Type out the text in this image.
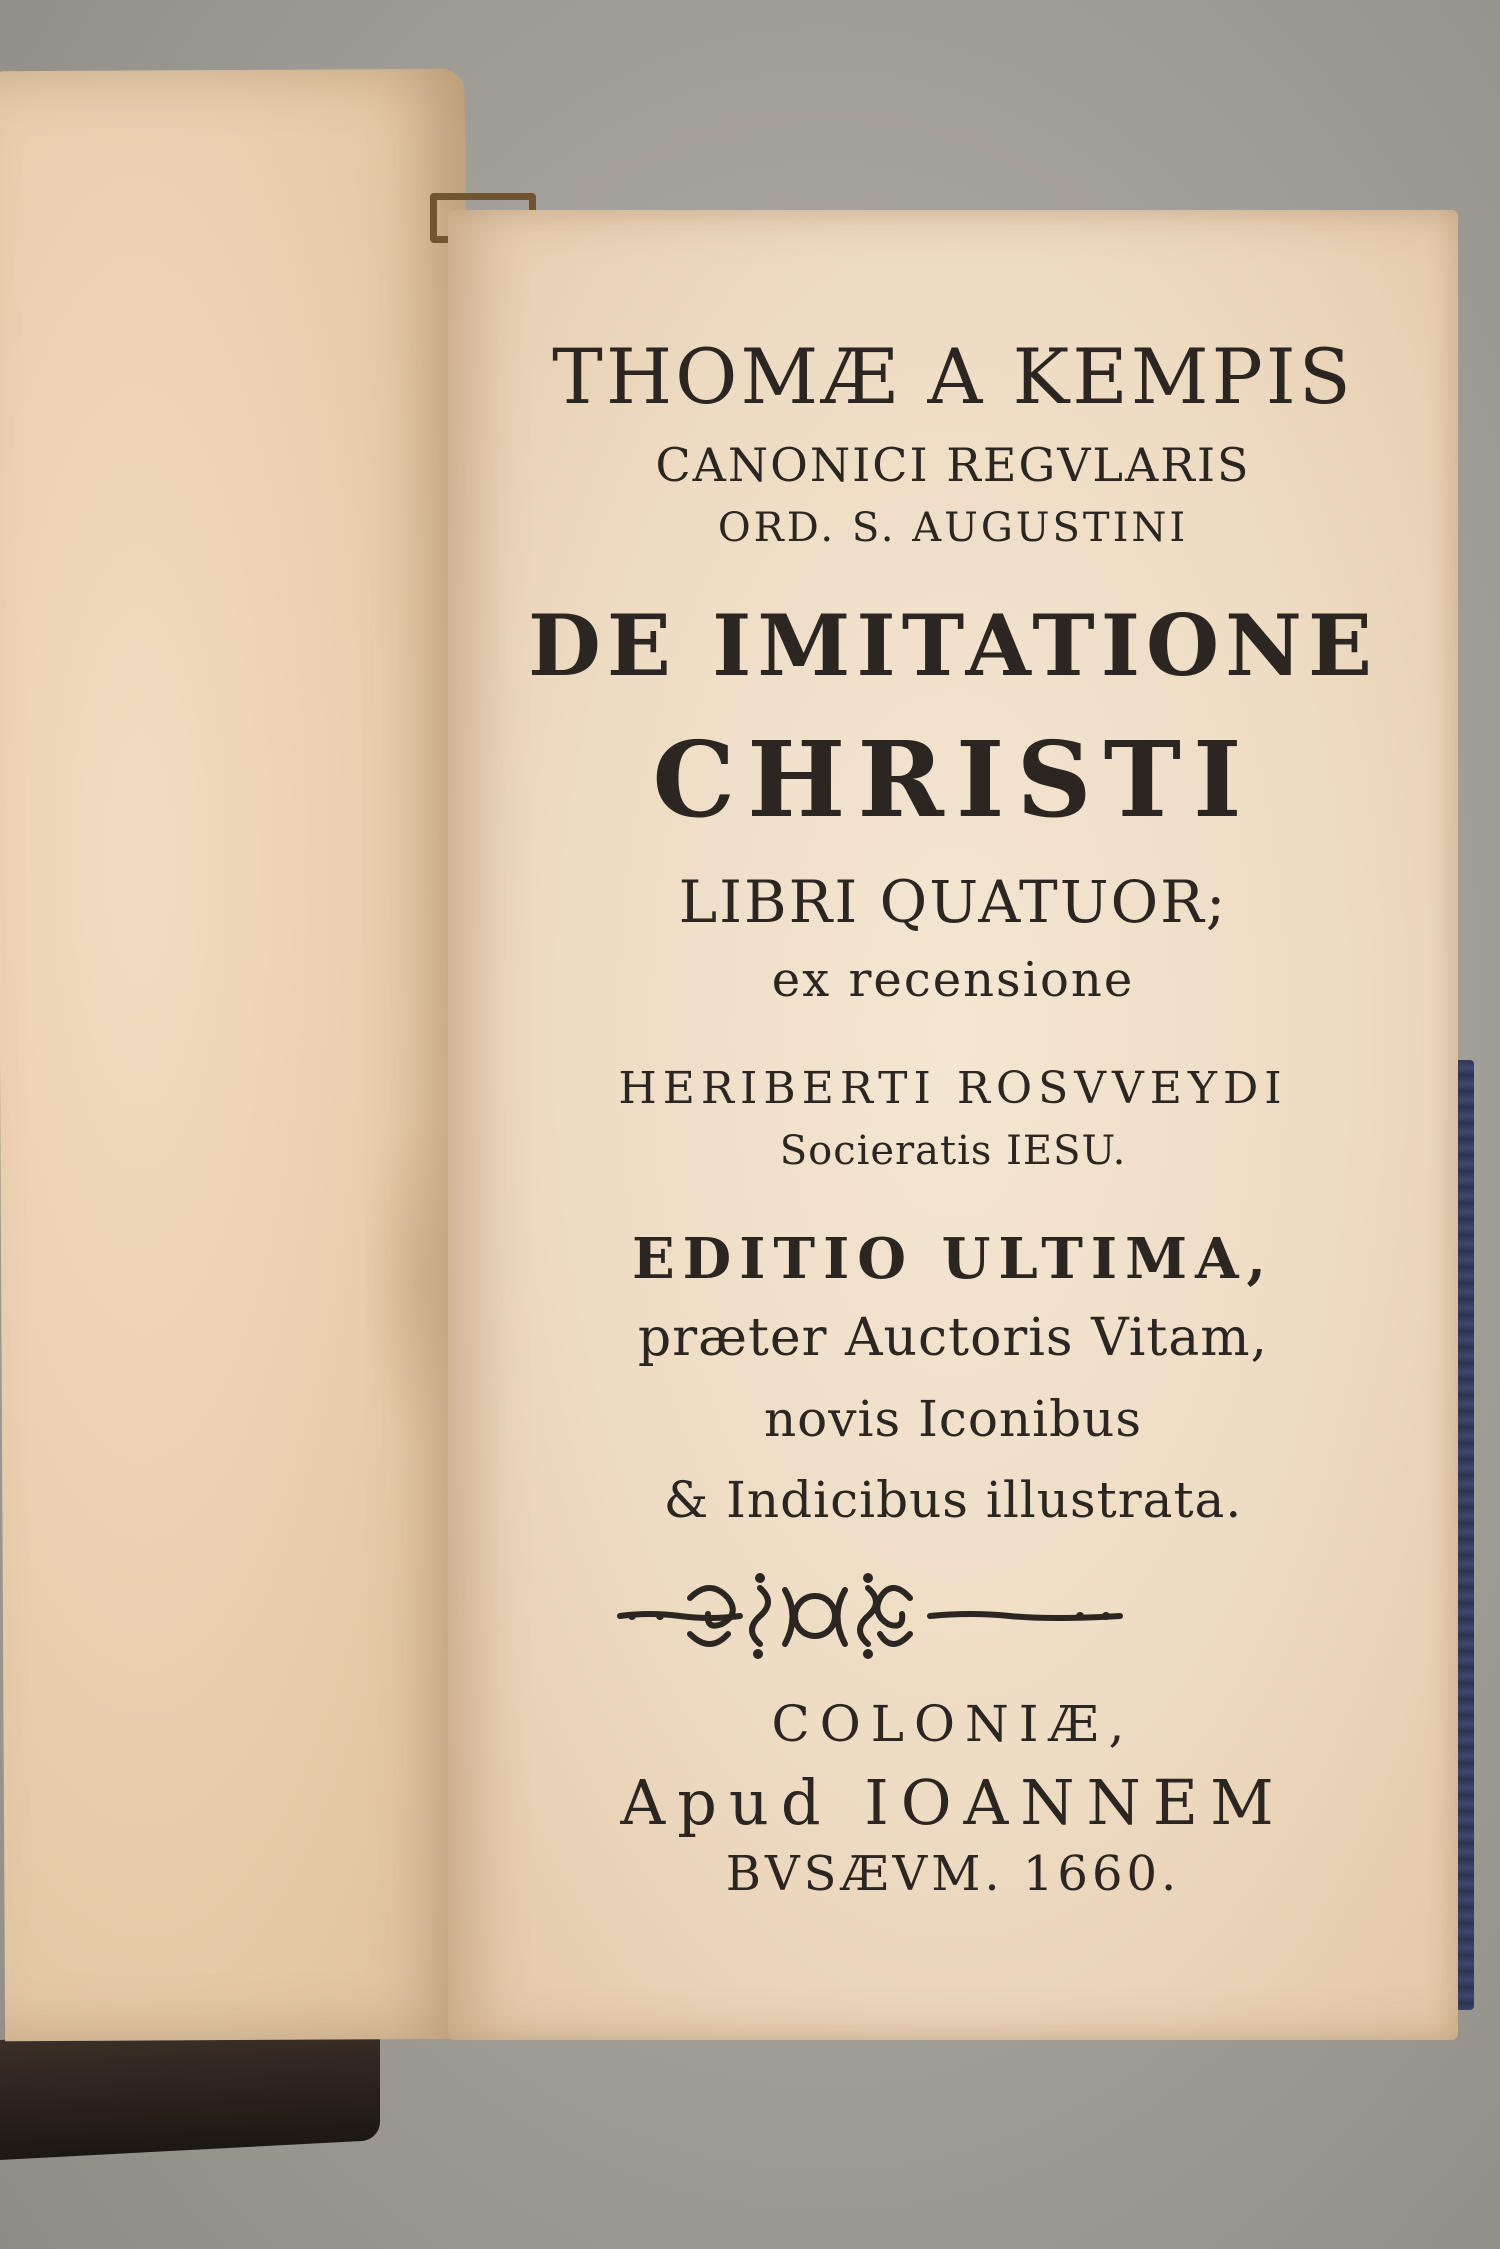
THOMÆ A KEMPIS
CANONICI REGVLARIS
ORD. S. AUGUSTINI
DE IMITATIONE
CHRISTI
LIBRI QUATUOR;
ex recensione
HERIBERTI ROSVVEYDI
Socieratis IESU.
EDITIO ULTIMA,
præter Auctoris Vitam,
novis Iconibus
& Indicibus illustrata.
COLONIÆ,
Apud IOANNEM
BVSÆVM. 1660.
